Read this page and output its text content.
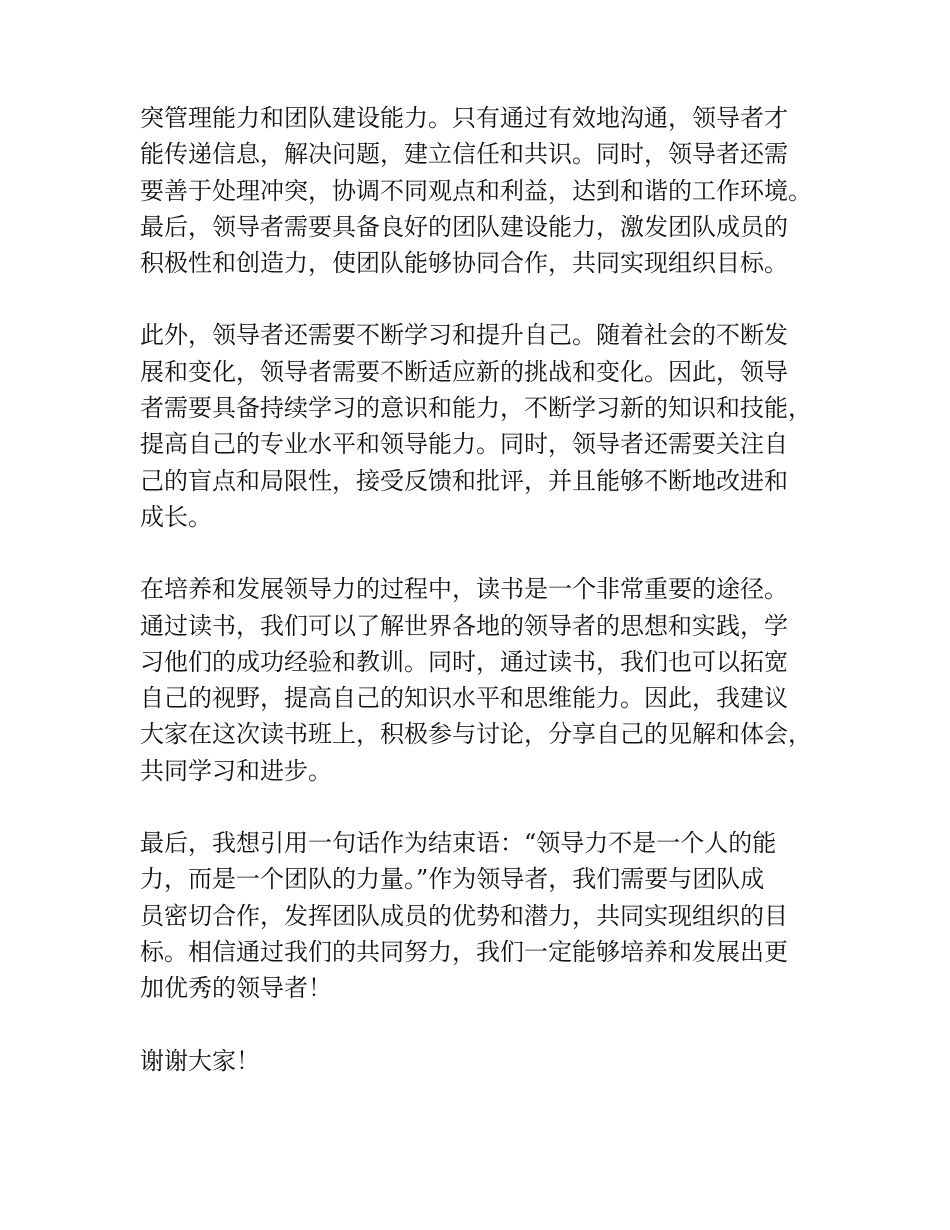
突管理能力和团队建设能力。只有通过有效地沟通，领导者才
能传递信息，解决问题，建立信任和共识。同时，领导者还需
要善于处理冲突，协调不同观点和利益，达到和谐的工作环境。
最后，领导者需要具备良好的团队建设能力，激发团队成员的
积极性和创造力，使团队能够协同合作，共同实现组织目标。
此外，领导者还需要不断学习和提升自己。随着社会的不断发
展和变化，领导者需要不断适应新的挑战和变化。因此，领导
者需要具备持续学习的意识和能力，不断学习新的知识和技能，
提高自己的专业水平和领导能力。同时，领导者还需要关注自
己的盲点和局限性，接受反馈和批评，并且能够不断地改进和
成长。
在培养和发展领导力的过程中，读书是一个非常重要的途径。
通过读书，我们可以了解世界各地的领导者的思想和实践，学
习他们的成功经验和教训。同时，通过读书，我们也可以拓宽
自己的视野，提高自己的知识水平和思维能力。因此，我建议
大家在这次读书班上，积极参与讨论，分享自己的见解和体会，
共同学习和进步。
最后，我想引用一句话作为结束语：“领导力不是一个人的能
力，而是一个团队的力量。”作为领导者，我们需要与团队成
员密切合作，发挥团队成员的优势和潜力，共同实现组织的目
标。相信通过我们的共同努力，我们一定能够培养和发展出更
加优秀的领导者！
谢谢大家！
